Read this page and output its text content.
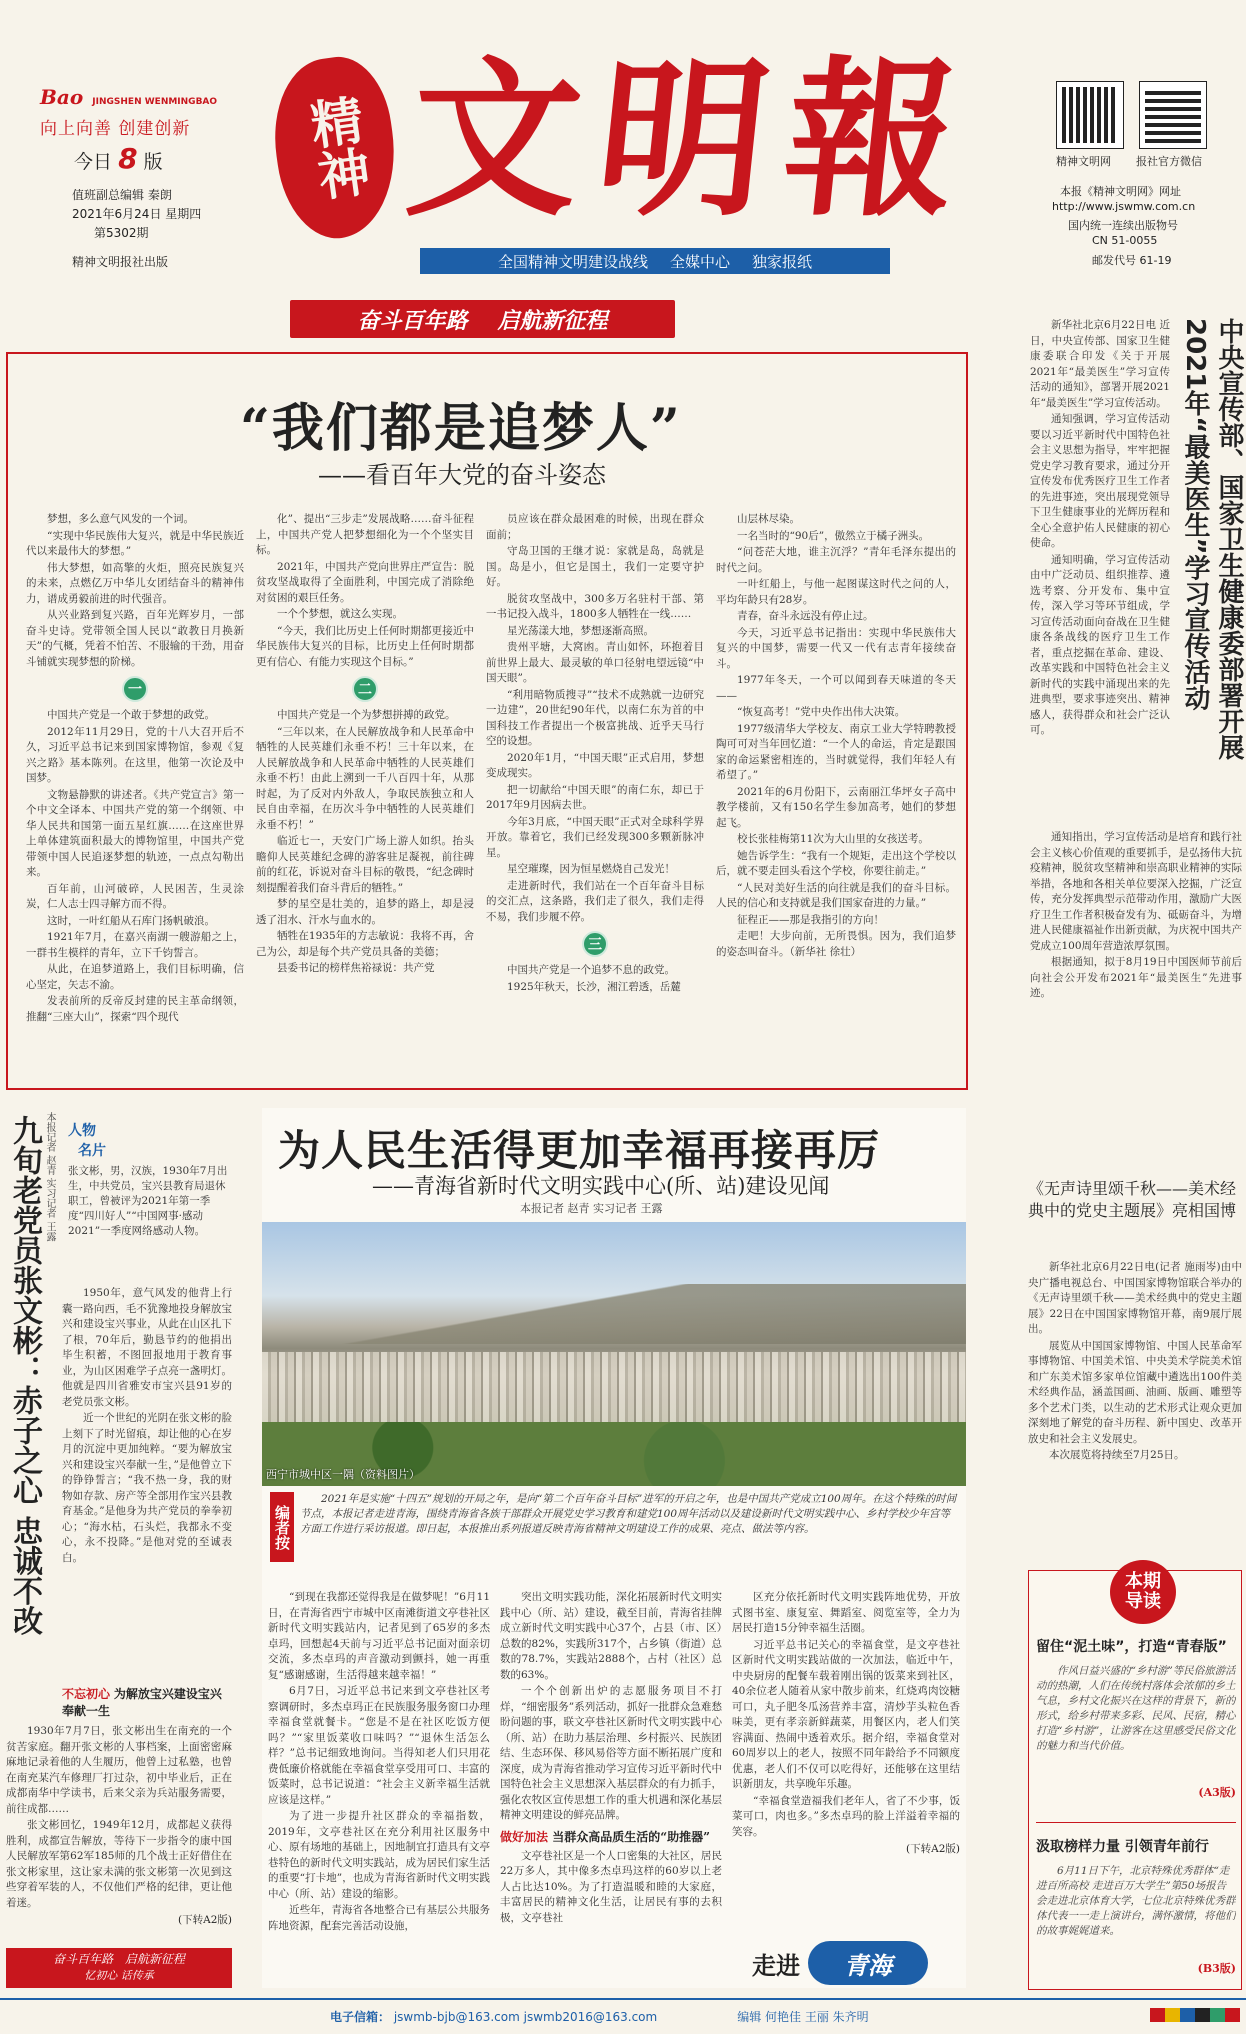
Bao JINGSHEN WENMINGBAO
向上向善 创建创新
今日 8 版
值班副总编辑 秦朗
2021年6月24日 星期四
第5302期
精神文明报社出版
精神 文明報
全国精神文明建设战线 全媒中心 独家报纸
精神文明网 报社官方微信
本报《精神文明网》网址
http://www.jswmw.com.cn
国内统一连续出版物号
CN 51-0055
邮发代号 61-19
奋斗百年路 启航新征程
“我们都是追梦人”
——看百年大党的奋斗姿态

梦想，多么意气风发的一个词。

“实现中华民族伟大复兴，就是中华民族近代以来最伟大的梦想。”

伟大梦想，如高擎的火炬，照亮民族复兴的未来，点燃亿万中华儿女团结奋斗的精神伟力，谱成勇毅前进的时代强音。

从兴业路到复兴路，百年光辉岁月，一部奋斗史诗。党带领全国人民以“敢教日月换新天”的气概，凭着不怕苦、不服输的干劲，用奋斗铺就实现梦想的阶梯。

一

中国共产党是一个敢于梦想的政党。

2012年11月29日，党的十八大召开后不久，习近平总书记来到国家博物馆，参观《复兴之路》基本陈列。在这里，他第一次论及中国梦。

文物悬静默的讲述者。《共产党宣言》第一个中文全译本、中国共产党的第一个纲领、中华人民共和国第一面五星红旗……在这座世界上单体建筑面积最大的博物馆里，中国共产党带领中国人民追逐梦想的轨迹，一点点勾勒出来。

百年前，山河破碎，人民困苦，生灵涂炭，仁人志士四寻解方而不得。

这时，一叶红船从石库门扬帆破浪。

1921年7月，在嘉兴南湖一艘游船之上，一群书生模样的青年，立下千钧誓言。

从此，在追梦道路上，我们目标明确，信心坚定，矢志不渝。

发表前所的反帝反封建的民主革命纲领，推翻“三座大山”，探索“四个现代

化”、提出“三步走”发展战略……奋斗征程上，中国共产党人把梦想细化为一个个坚实目标。

2021年，中国共产党向世界庄严宣告：脱贫攻坚战取得了全面胜利，中国完成了消除绝对贫困的艰巨任务。

一个个梦想，就这么实现。

“今天，我们比历史上任何时期都更接近中华民族伟大复兴的目标，比历史上任何时期都更有信心、有能力实现这个目标。”

二

中国共产党是一个为梦想拼搏的政党。

“三年以来，在人民解放战争和人民革命中牺牲的人民英雄们永垂不朽！三十年以来，在人民解放战争和人民革命中牺牲的人民英雄们永垂不朽！由此上溯到一千八百四十年，从那时起，为了反对内外敌人，争取民族独立和人民自由幸福，在历次斗争中牺牲的人民英雄们永垂不朽！”

临近七一，天安门广场上游人如织。抬头瞻仰人民英雄纪念碑的游客驻足凝视，前往碑前的红花，诉说对奋斗目标的敬畏，“纪念碑时刻提醒着我们奋斗背后的牺牲。”

梦的星空是壮美的，追梦的路上，却是浸透了泪水、汗水与血水的。

牺牲在1935年的方志敏说：我将不再，舍己为公，却是每个共产党员具备的美德；

县委书记的榜样焦裕禄说：共产党

员应该在群众最困难的时候，出现在群众面前；

守岛卫国的王继才说：家就是岛，岛就是国。岛是小，但它是国土，我们一定要守护好。

脱贫攻坚战中，300多万名驻村干部、第一书记投入战斗，1800多人牺牲在一线……

星光荡漾大地，梦想逐渐高照。

贵州平塘，大窝凼。青山如怀，环抱着目前世界上最大、最灵敏的单口径射电望远镜“中国天眼”。

“利用暗物质搜寻”“技术不成熟就一边研究一边建”，20世纪90年代，以南仁东为首的中国科技工作者提出一个极富挑战、近乎天马行空的设想。

2020年1月，“中国天眼”正式启用，梦想变成现实。

把一切献给“中国天眼”的南仁东，却已于2017年9月因病去世。

今年3月底，“中国天眼”正式对全球科学界开放。靠着它，我们已经发现300多颗新脉冲星。

星空璀璨，因为恒星燃烧自己发光！

走进新时代，我们站在一个百年奋斗目标的交汇点，这条路，我们走了很久，我们走得不易，我们步履不停。

三

中国共产党是一个追梦不息的政党。

1925年秋天，长沙，湘江碧透，岳麓

山层林尽染。

一名当时的“90后”，傲然立于橘子洲头。

“问苍茫大地，谁主沉浮？”青年毛泽东提出的时代之问。

一叶红船上，与他一起图谋这时代之问的人，平均年龄只有28岁。

青春，奋斗永远没有停止过。

今天，习近平总书记指出：实现中华民族伟大复兴的中国梦，需要一代又一代有志青年接续奋斗。

1977年冬天，一个可以闻到春天味道的冬天——

“恢复高考！”党中央作出伟大决策。

1977级清华大学校友、南京工业大学特聘教授陶可可对当年回忆道：“一个人的命运，肯定是跟国家的命运紧密相连的，当时就觉得，我们年轻人有希望了。”

2021年的6月份阳下，云南丽江华坪女子高中教学楼前，又有150名学生参加高考，她们的梦想起飞。

校长张桂梅第11次为大山里的女孩送考。

她告诉学生：“我有一个规矩，走出这个学校以后，就不要走回头看这个学校，你要往前走。”

“人民对美好生活的向往就是我们的奋斗目标。人民的信心和支持就是我们国家奋进的力量。”

征程正——那是我指引的方向！

走吧！大步向前，无所畏惧。因为，我们追梦的姿态叫奋斗。（新华社 徐壮）

中央宣传部、国家卫生健康委部署开展2021年“最美医生”学习宣传活动

新华社北京6月22日电 近日，中央宣传部、国家卫生健康委联合印发《关于开展2021年“最美医生”学习宣传活动的通知》，部署开展2021年“最美医生”学习宣传活动。

通知强调，学习宣传活动要以习近平新时代中国特色社会主义思想为指导，牢牢把握党史学习教育要求，通过分开宣传发布优秀医疗卫生工作者的先进事迹，突出展现党领导下卫生健康事业的光辉历程和全心全意护佑人民健康的初心使命。

通知明确，学习宣传活动由中广泛动员、组织推荐、遴选考察、分开发布、集中宣传，深入学习等环节组成，学习宣传活动面向奋战在卫生健康各条战线的医疗卫生工作者，重点挖掘在革命、建设、改革实践和中国特色社会主义新时代的实践中涌现出来的先进典型，要求事迹突出、精神感人，获得群众和社会广泛认可。

通知指出，学习宣传活动是培育和践行社会主义核心价值观的重要抓手，是弘扬伟大抗疫精神，脱贫攻坚精神和崇高职业精神的实际举措，各地和各相关单位要深入挖掘，广泛宣传，充分发挥典型示范带动作用，激励广大医疗卫生工作者积极奋发有为、砥砺奋斗，为增进人民健康福祉作出新贡献，为庆祝中国共产党成立100周年营造浓厚氛围。

根据通知，拟于8月19日中国医师节前后向社会公开发布2021年“最美医生”先进事迹。

九旬老党员张文彬：赤子之心 忠诚不改 本报记者 赵青 实习记者 王露 人物
名片
张文彬，男，汉族，1930年7月出生，中共党员，宝兴县教育局退休职工，曾被评为2021年第一季度“四川好人”“中国网事·感动2021”一季度网络感动人物。

1950年，意气风发的他背上行囊一路向西，毛不犹豫地投身解放宝兴和建设宝兴事业，从此在山区扎下了根，70年后，勤恳节约的他捐出毕生积蓄，不图回报地用于教育事业，为山区困难学子点亮一盏明灯。他就是四川省雅安市宝兴县91岁的老党员张文彬。

近一个世纪的光阴在张文彬的脸上刻下了时光留痕，却让他的心在岁月的沉淀中更加纯粹。“要为解放宝兴和建设宝兴奉献一生，”是他曾立下的铮铮誓言；“我不热一身，我的财物如存款、房产等全部用作宝兴县教育基金。”是他身为共产党员的拳拳初心；“海水枯，石头烂，我都永不变心，永不投降。”是他对党的至诚表白。

不忘初心 为解放宝兴建设宝兴奉献一生

1930年7月7日，张文彬出生在南充的一个贫苦家庭。翻开张文彬的人事档案，上面密密麻麻地记录着他的人生履历，他曾上过私塾，也曾在南充某汽车修理厂打过杂，初中毕业后，正在成都南华中学读书，后来父亲为兵站服务需要，前往成都……

张文彬回忆，1949年12月，成都起义获得胜利，成都宣告解放，等待下一步指令的康中国人民解放军第62军185师的几个战士正好借住在张文彬家里，这让家未满的张文彬第一次见到这些穿着军装的人，不仅他们严格的纪律，更让他着迷。

(下转A2版)

奋斗百年路 启航新征程
忆初心 话传承
为人民生活得更加幸福再接再厉
——青海省新时代文明实践中心(所、站)建设见闻
本报记者 赵青 实习记者 王露
西宁市城中区一隅（资料图片）
编者按
2021年是实施“十四五”规划的开局之年，是向“第二个百年奋斗目标”进军的开启之年，也是中国共产党成立100周年。在这个特殊的时间节点，本报记者走进青海，围绕青海省各族干部群众开展党史学习教育和建党100周年活动以及建设新时代文明实践中心、乡村学校少年宫等方面工作进行采访报道。即日起，本报推出系列报道反映青海省精神文明建设工作的成果、亮点、做法等内容。

“到现在我都还觉得我是在做梦呢！”6月11日，在青海省西宁市城中区南滩街道文亭巷社区新时代文明实践站内，记者见到了65岁的多杰卓玛，回想起4天前与习近平总书记面对面亲切交流，多杰卓玛的声音激动到颤抖，她一再重复“感谢感谢，生活得越来越幸福！”

6月7日，习近平总书记来到文亭巷社区考察调研时，多杰卓玛正在民族服务服务窗口办理幸福食堂就餐卡。“您是不是在社区吃饭方便吗？”“家里饭菜收口味吗？”“退休生活怎么样？”总书记细致地询问。当得知老人们只用花费低廉价格就能在幸福食堂享受用可口、丰富的饭菜时，总书记说道：“社会主义新幸福生活就应该是这样。”

为了进一步提升社区群众的幸福指数，2019年，文亭巷社区在充分利用社区服务中心、原有场地的基础上，因地制宜打造具有文亭巷特色的新时代文明实践站，成为居民们家生活的重要“打卡地”，也成为青海省新时代文明实践中心（所、站）建设的缩影。

近些年，青海省各地整合已有基层公共服务阵地资源，配套完善活动设施，

突出文明实践功能，深化拓展新时代文明实践中心（所、站）建设，截至目前，青海省挂牌成立新时代文明实践中心37个，占县（市、区）总数的82%，实践所317个，占乡镇（街道）总数的78.7%，实践站2888个，占村（社区）总数的63%。

一个个创新出炉的志愿服务项目不打烊，“细密服务”系列活动，抓好一批群众急难愁盼问题的事，联文亭巷社区新时代文明实践中心（所、站）在助力基层治理、乡村振兴、民族团结、生态环保、移风易俗等方面不断拓展广度和深度，成为青海省推动学习宣传习近平新时代中国特色社会主义思想深入基层群众的有力抓手，强化农牧区宣传思想工作的重大机遇和深化基层精神文明建设的鲜亮品牌。

做好加法 当群众高品质生活的“助推器”

文亭巷社区是一个人口密集的大社区，居民22万多人，其中像多杰卓玛这样的60岁以上老人占比达10%。为了打造温暖和睦的大家庭，丰富居民的精神文化生活，让居民有事的去积极，文亭巷社

区充分依托新时代文明实践阵地优势，开放式图书室、康复室、舞蹈室、阅览室等，全力为居民打造15分钟幸福生活圈。

习近平总书记关心的幸福食堂，是文亭巷社区新时代文明实践站做的一次加法，临近中午，中央厨房的配餐车载着刚出锅的饭菜来到社区，40余位老人随着从家中散步前来，红烧鸡肉饺糖可口，丸子肥冬瓜汤营养丰富，清炒芋头粒色香味美，更有孝亲新鲜蔬菜，用餐区内，老人们笑容满面、热闹中透着欢乐。据介绍，幸福食堂对60周岁以上的老人，按照不同年龄给予不同额度优惠，老人们不仅可以吃得好，还能够在这里结识新朋友，共享晚年乐趣。

“幸福食堂造福我们老年人，省了不少事，饭菜可口，肉也多。”多杰卓玛的脸上洋溢着幸福的笑容。

(下转A2版)

走进	青海
《无声诗里颂千秋——美术经典中的党史主题展》亮相国博

新华社北京6月22日电(记者 施雨岑)由中央广播电视总台、中国国家博物馆联合举办的《无声诗里颂千秋——美术经典中的党史主题展》22日在中国国家博物馆开幕，南9展厅展出。

展览从中国国家博物馆、中国人民革命军事博物馆、中国美术馆、中央美术学院美术馆和广东美术馆多家单位馆藏中遴选出100件美术经典作品，涵盖国画、油画、版画、雕塑等多个艺术门类，以生动的艺术形式让观众更加深刻地了解党的奋斗历程、新中国史、改革开放史和社会主义发展史。

本次展览将持续至7月25日。

本期
导读
留住“泥土味”，打造“青春版”
作风日益兴盛的“乡村游”等民俗旅游活动的热潮，人们在传统村落体会浓郁的乡土气息，乡村文化振兴在这样的背景下，新的形式，给乡村带来多彩、民风、民宿，精心打造“乡村游”，让游客在这里感受民俗文化的魅力和当代价值。
(A3版)
汲取榜样力量 引领青年前行
6月11日下午，北京特殊优秀群体“走进百所高校 走进百万大学生”第50场报告会走进北京体育大学，七位北京特殊优秀群体代表一一走上演讲台，满怀激情，将他们的故事娓娓道来。
(B3版)
电子信箱： jswmb-bjb@163.com jswmb2016@163.com	编辑 何艳佳 王丽 朱齐明
